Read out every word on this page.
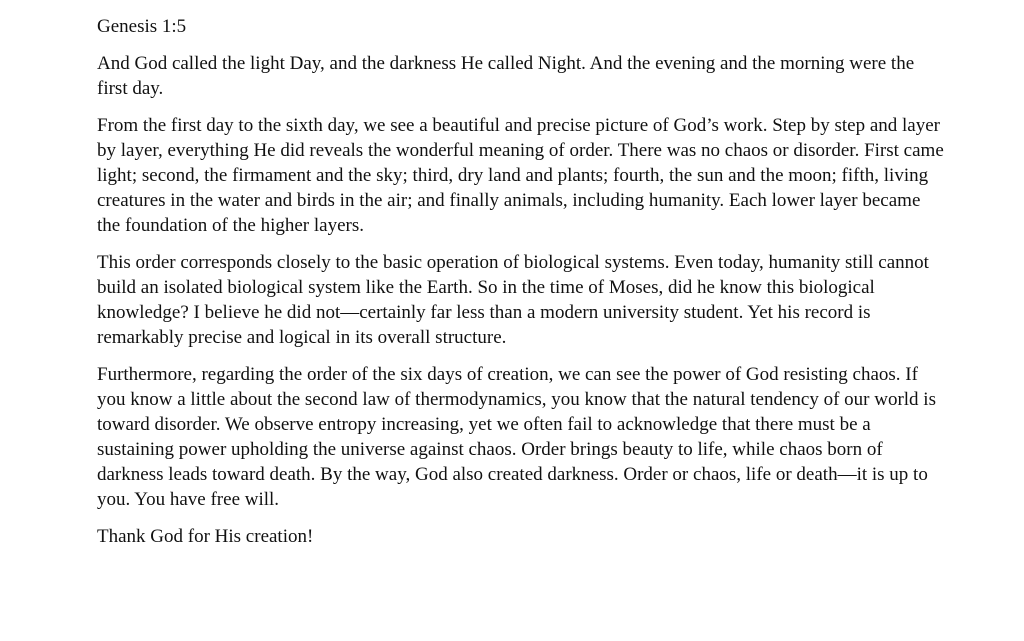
Genesis 1:5

And God called the light Day, and the darkness He called Night. And the evening and the morning were the first day.

From the first day to the sixth day, we see a beautiful and precise picture of God’s work. Step by step and layer by layer, everything He did reveals the wonderful meaning of order. There was no chaos or disorder. First came light; second, the firmament and the sky; third, dry land and plants; fourth, the sun and the moon; fifth, living creatures in the water and birds in the air; and finally animals, including humanity. Each lower layer became the foundation of the higher layers.

This order corresponds closely to the basic operation of biological systems. Even today, humanity still cannot build an isolated biological system like the Earth. So in the time of Moses, did he know this biological knowledge? I believe he did not—certainly far less than a modern university student. Yet his record is remarkably precise and logical in its overall structure.

Furthermore, regarding the order of the six days of creation, we can see the power of God resisting chaos. If you know a little about the second law of thermodynamics, you know that the natural tendency of our world is toward disorder. We observe entropy increasing, yet we often fail to acknowledge that there must be a sustaining power upholding the universe against chaos. Order brings beauty to life, while chaos born of darkness leads toward death. By the way, God also created darkness. Order or chaos, life or death—it is up to you. You have free will.

Thank God for His creation!
